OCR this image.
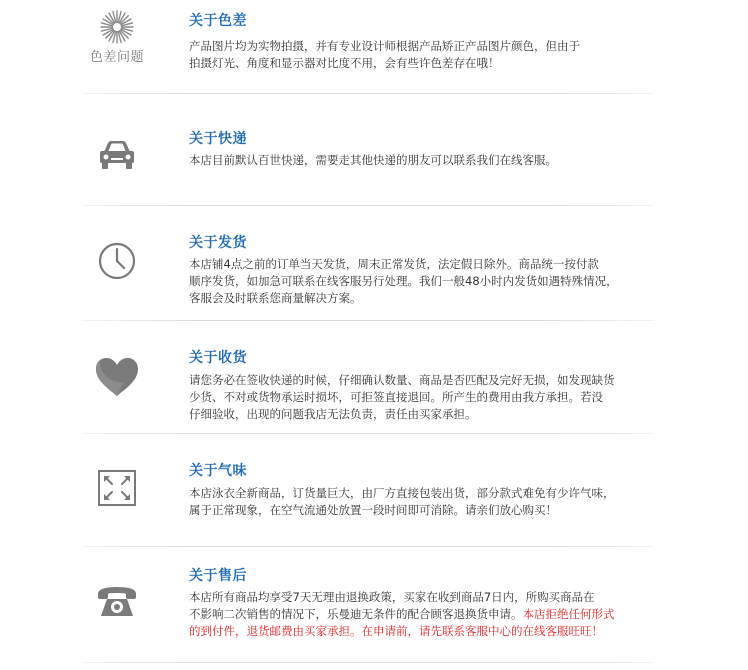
色差问题
关于色差
产品图片均为实物拍摄，并有专业设计师根据产品矫正产品图片颜色，但由于
拍摄灯光、角度和显示器对比度不用，会有些许色差存在哦！
关于快递
本店目前默认百世快递，需要走其他快递的朋友可以联系我们在线客服。
关于发货
本店铺4点之前的订单当天发货，周末正常发货，法定假日除外。商品统一按付款
顺序发货，如加急可联系在线客服另行处理。我们一般48小时内发货如遇特殊情况，
客服会及时联系您商量解决方案。
关于收货
请您务必在签收快递的时候，仔细确认数量、商品是否匹配及完好无损，如发现缺货
少货、不对或货物承运时损坏，可拒签直接退回。所产生的费用由我方承担。若没
仔细验收，出现的问题我店无法负责，责任由买家承担。
关于气味
本店泳衣全新商品，订货量巨大，由厂方直接包装出货，部分款式难免有少许气味，
属于正常现象，在空气流通处放置一段时间即可消除。请亲们放心购买！
关于售后
本店所有商品均享受7天无理由退换政策，买家在收到商品7日内，所购买商品在
不影响二次销售的情况下，乐曼迪无条件的配合顾客退换货申请。本店拒绝任何形式
的到付件，退货邮费由买家承担。在申请前，请先联系客服中心的在线客服旺旺！
